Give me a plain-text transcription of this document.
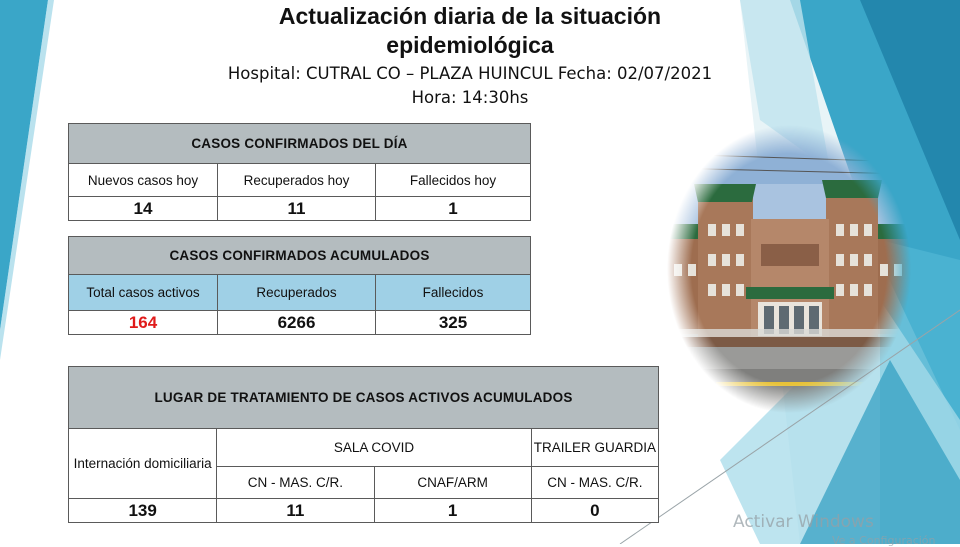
Actualización diaria de la situación
epidemiológica
Hospital: CUTRAL CO – PLAZA HUINCUL Fecha: 02/07/2021
Hora: 14:30hs
CASOS CONFIRMADOS DEL DÍA		
Nuevos casos hoy	Recuperados hoy	Fallecidos hoy
14	11	1
CASOS CONFIRMADOS ACUMULADOS		
Total casos activos	Recuperados	Fallecidos
164	6266	325
LUGAR DE TRATAMIENTO DE CASOS ACTIVOS ACUMULADOS			
Internación domiciliaria	SALA COVID		TRAILER GUARDIA
	CN - MAS. C/R.	CNAF/ARM	CN - MAS. C/R.
139	11	1	0
Activar Windows
Ve a Configuración
